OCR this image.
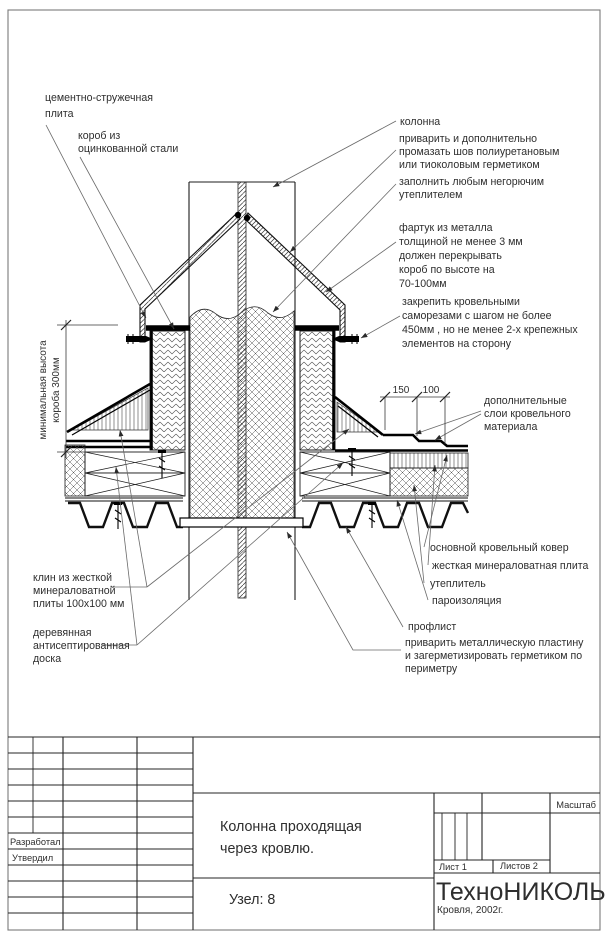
минимальная высота короба 300мм	150 100
цементно-стружечная
плита
короб из
оцинкованной стали
колонна
приварить и дополнительно
промазать шов полиуретановым
или тиоколовым герметиком
заполнить любым негорючим
утеплителем
фартук из металла
толщиной не менее 3 мм
должен перекрывать
короб по высоте на
70-100мм
закрепить кровельными
саморезами с шагом не более
450мм , но не менее 2-х крепежных
элементов на сторону
дополнительные
слои кровельного
материала
основной кровельный ковер
жесткая минераловатная плита
утеплитель
пароизоляция
профлист
приварить металлическую пластину
и загерметизировать герметиком по
периметру
клин из жесткой
минераловатной
плиты 100х100 мм
деревянная
антисептированная
доска
Разработал
Утвердил
Колонна проходящая
через кровлю.
Узел: 8
Масштаб
Лист 1	Листов 2
ТехноНИКОЛЬ
Кровля, 2002г.
